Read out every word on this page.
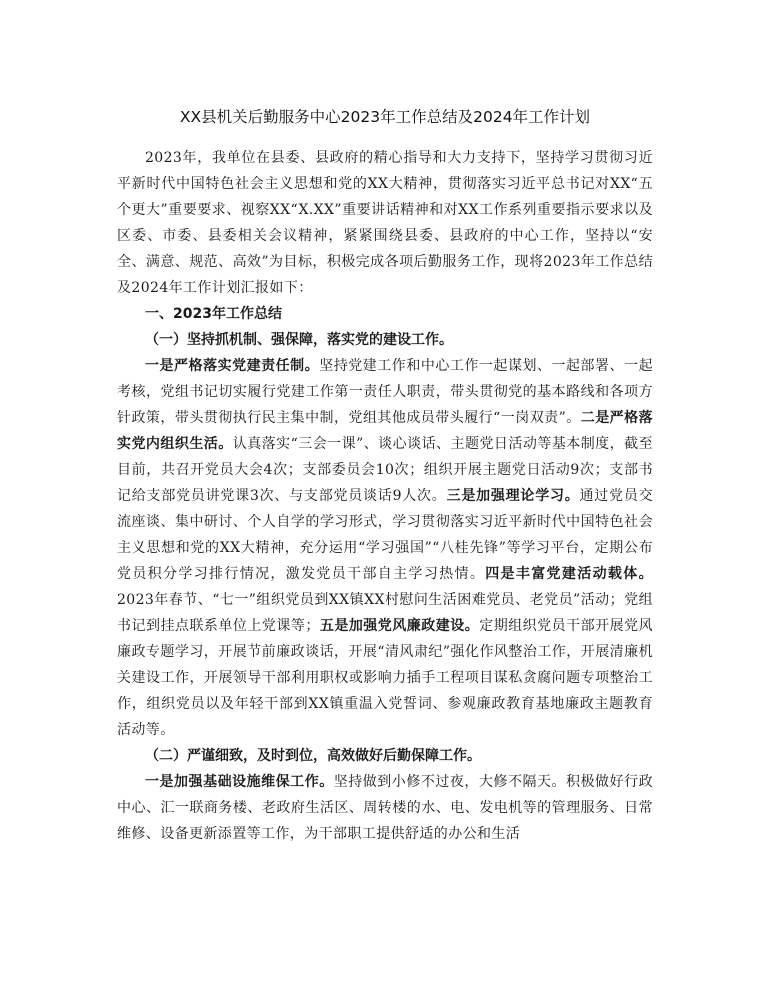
XX县机关后勤服务中心2023年工作总结及2024年工作计划

2023年，我单位在县委、县政府的精心指导和大力支持下，坚持学习贯彻习近平新时代中国特色社会主义思想和党的XX大精神，贯彻落实习近平总书记对XX“五个更大”重要要求、视察XX“X.XX”重要讲话精神和对XX工作系列重要指示要求以及区委、市委、县委相关会议精神，紧紧围绕县委、县政府的中心工作，坚持以“安全、满意、规范、高效”为目标，积极完成各项后勤服务工作，现将2023年工作总结及2024年工作计划汇报如下：

一、2023年工作总结

（一）坚持抓机制、强保障，落实党的建设工作。

一是严格落实党建责任制。坚持党建工作和中心工作一起谋划、一起部署、一起考核，党组书记切实履行党建工作第一责任人职责，带头贯彻党的基本路线和各项方针政策，带头贯彻执行民主集中制，党组其他成员带头履行“一岗双责”。二是严格落实党内组织生活。认真落实“三会一课”、谈心谈话、主题党日活动等基本制度，截至目前，共召开党员大会4次；支部委员会10次；组织开展主题党日活动9次；支部书记给支部党员讲党课3次、与支部党员谈话9人次。三是加强理论学习。通过党员交流座谈、集中研讨、个人自学的学习形式，学习贯彻落实习近平新时代中国特色社会主义思想和党的XX大精神，充分运用“学习强国”“八桂先锋”等学习平台，定期公布党员积分学习排行情况，激发党员干部自主学习热情。四是丰富党建活动载体。2023年春节、“七一”组织党员到XX镇XX村慰问生活困难党员、老党员”活动；党组书记到挂点联系单位上党课等；五是加强党风廉政建设。定期组织党员干部开展党风廉政专题学习，开展节前廉政谈话，开展“清风肃纪”强化作风整治工作，开展清廉机关建设工作，开展领导干部利用职权或影响力插手工程项目谋私贪腐问题专项整治工作，组织党员以及年轻干部到XX镇重温入党誓词、参观廉政教育基地廉政主题教育活动等。

（二）严谨细致，及时到位，高效做好后勤保障工作。

一是加强基础设施维保工作。坚持做到小修不过夜，大修不隔天。积极做好行政中心、汇一联商务楼、老政府生活区、周转楼的水、电、发电机等的管理服务、日常维修、设备更新添置等工作，为干部职工提供舒适的办公和生活
